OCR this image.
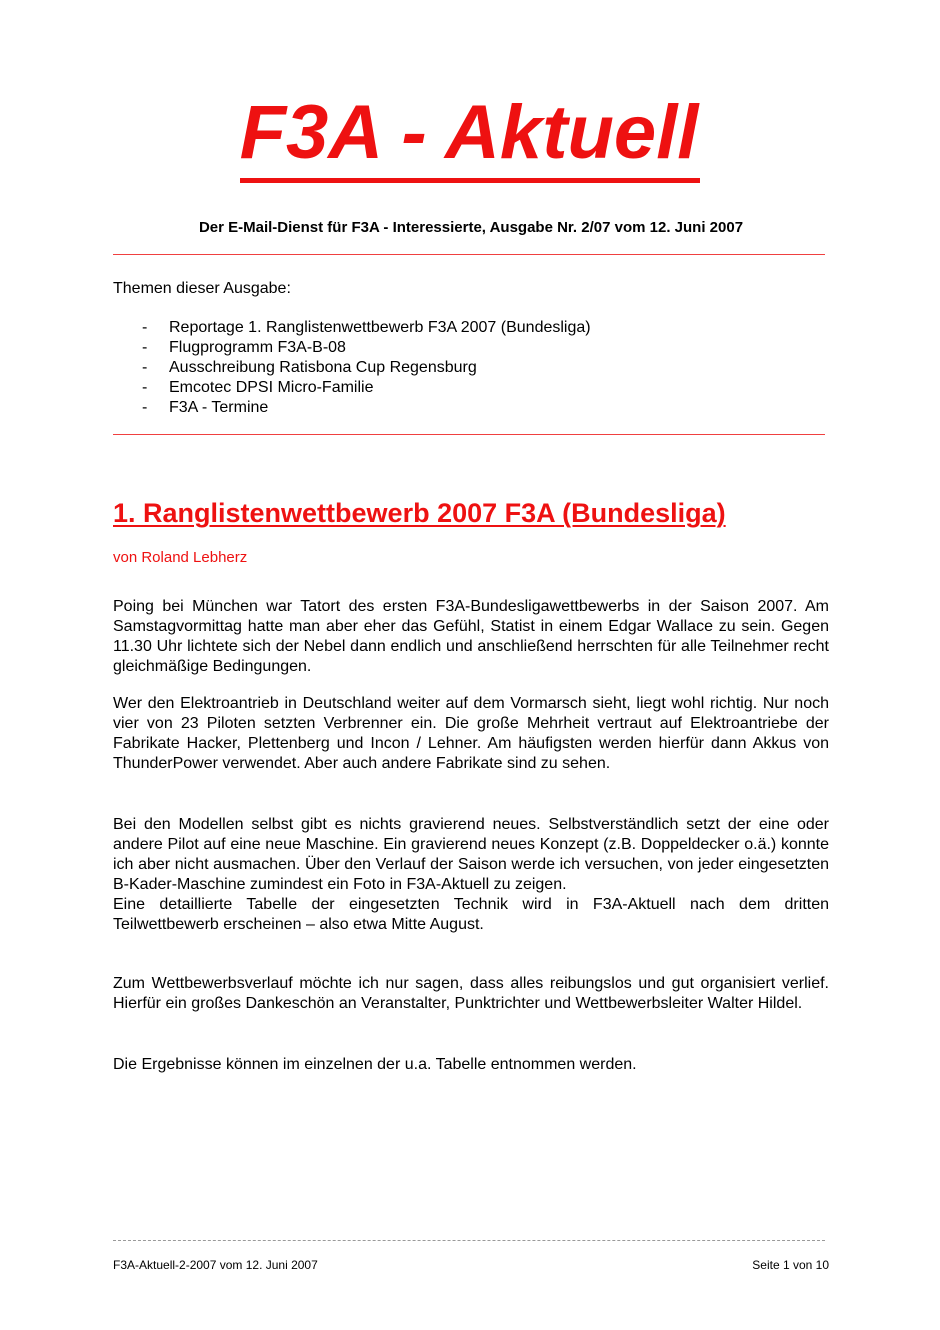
F3A - Aktuell
Der E-Mail-Dienst für F3A - Interessierte, Ausgabe Nr. 2/07 vom 12. Juni 2007
Themen dieser Ausgabe:
- Reportage 1. Ranglistenwettbewerb F3A 2007 (Bundesliga)
- Flugprogramm F3A-B-08
- Ausschreibung Ratisbona Cup Regensburg
- Emcotec DPSI Micro-Familie
- F3A - Termine
1. Ranglistenwettbewerb 2007 F3A (Bundesliga)
von Roland Lebherz

Poing bei München war Tatort des ersten F3A-Bundesligawettbewerbs in der Saison 2007. Am Samstagvormittag hatte man aber eher das Gefühl, Statist in einem Edgar Wallace zu sein. Gegen 11.30 Uhr lichtete sich der Nebel dann endlich und anschließend herrschten für alle Teilnehmer recht gleichmäßige Bedingungen.

Wer den Elektroantrieb in Deutschland weiter auf dem Vormarsch sieht, liegt wohl richtig. Nur noch vier von 23 Piloten setzten Verbrenner ein. Die große Mehrheit vertraut auf Elektroantriebe der Fabrikate Hacker, Plettenberg und Incon / Lehner. Am häufigsten werden hierfür dann Akkus von ThunderPower verwendet. Aber auch andere Fabrikate sind zu sehen.

Bei den Modellen selbst gibt es nichts gravierend neues. Selbstverständlich setzt der eine oder andere Pilot auf eine neue Maschine. Ein gravierend neues Konzept (z.B. Doppeldecker o.ä.) konnte ich aber nicht ausmachen. Über den Verlauf der Saison werde ich versuchen, von jeder eingesetzten B-Kader-Maschine zumindest ein Foto in F3A-Aktuell zu zeigen.
Eine detaillierte Tabelle der eingesetzten Technik wird in F3A-Aktuell nach dem dritten Teilwettbewerb erscheinen – also etwa Mitte August.

Zum Wettbewerbsverlauf möchte ich nur sagen, dass alles reibungslos und gut organisiert verlief. Hierfür ein großes Dankeschön an Veranstalter, Punktrichter und Wettbewerbsleiter Walter Hildel.

Die Ergebnisse können im einzelnen der u.a. Tabelle entnommen werden.

F3A-Aktuell-2-2007 vom 12. Juni 2007	Seite 1 von 10
